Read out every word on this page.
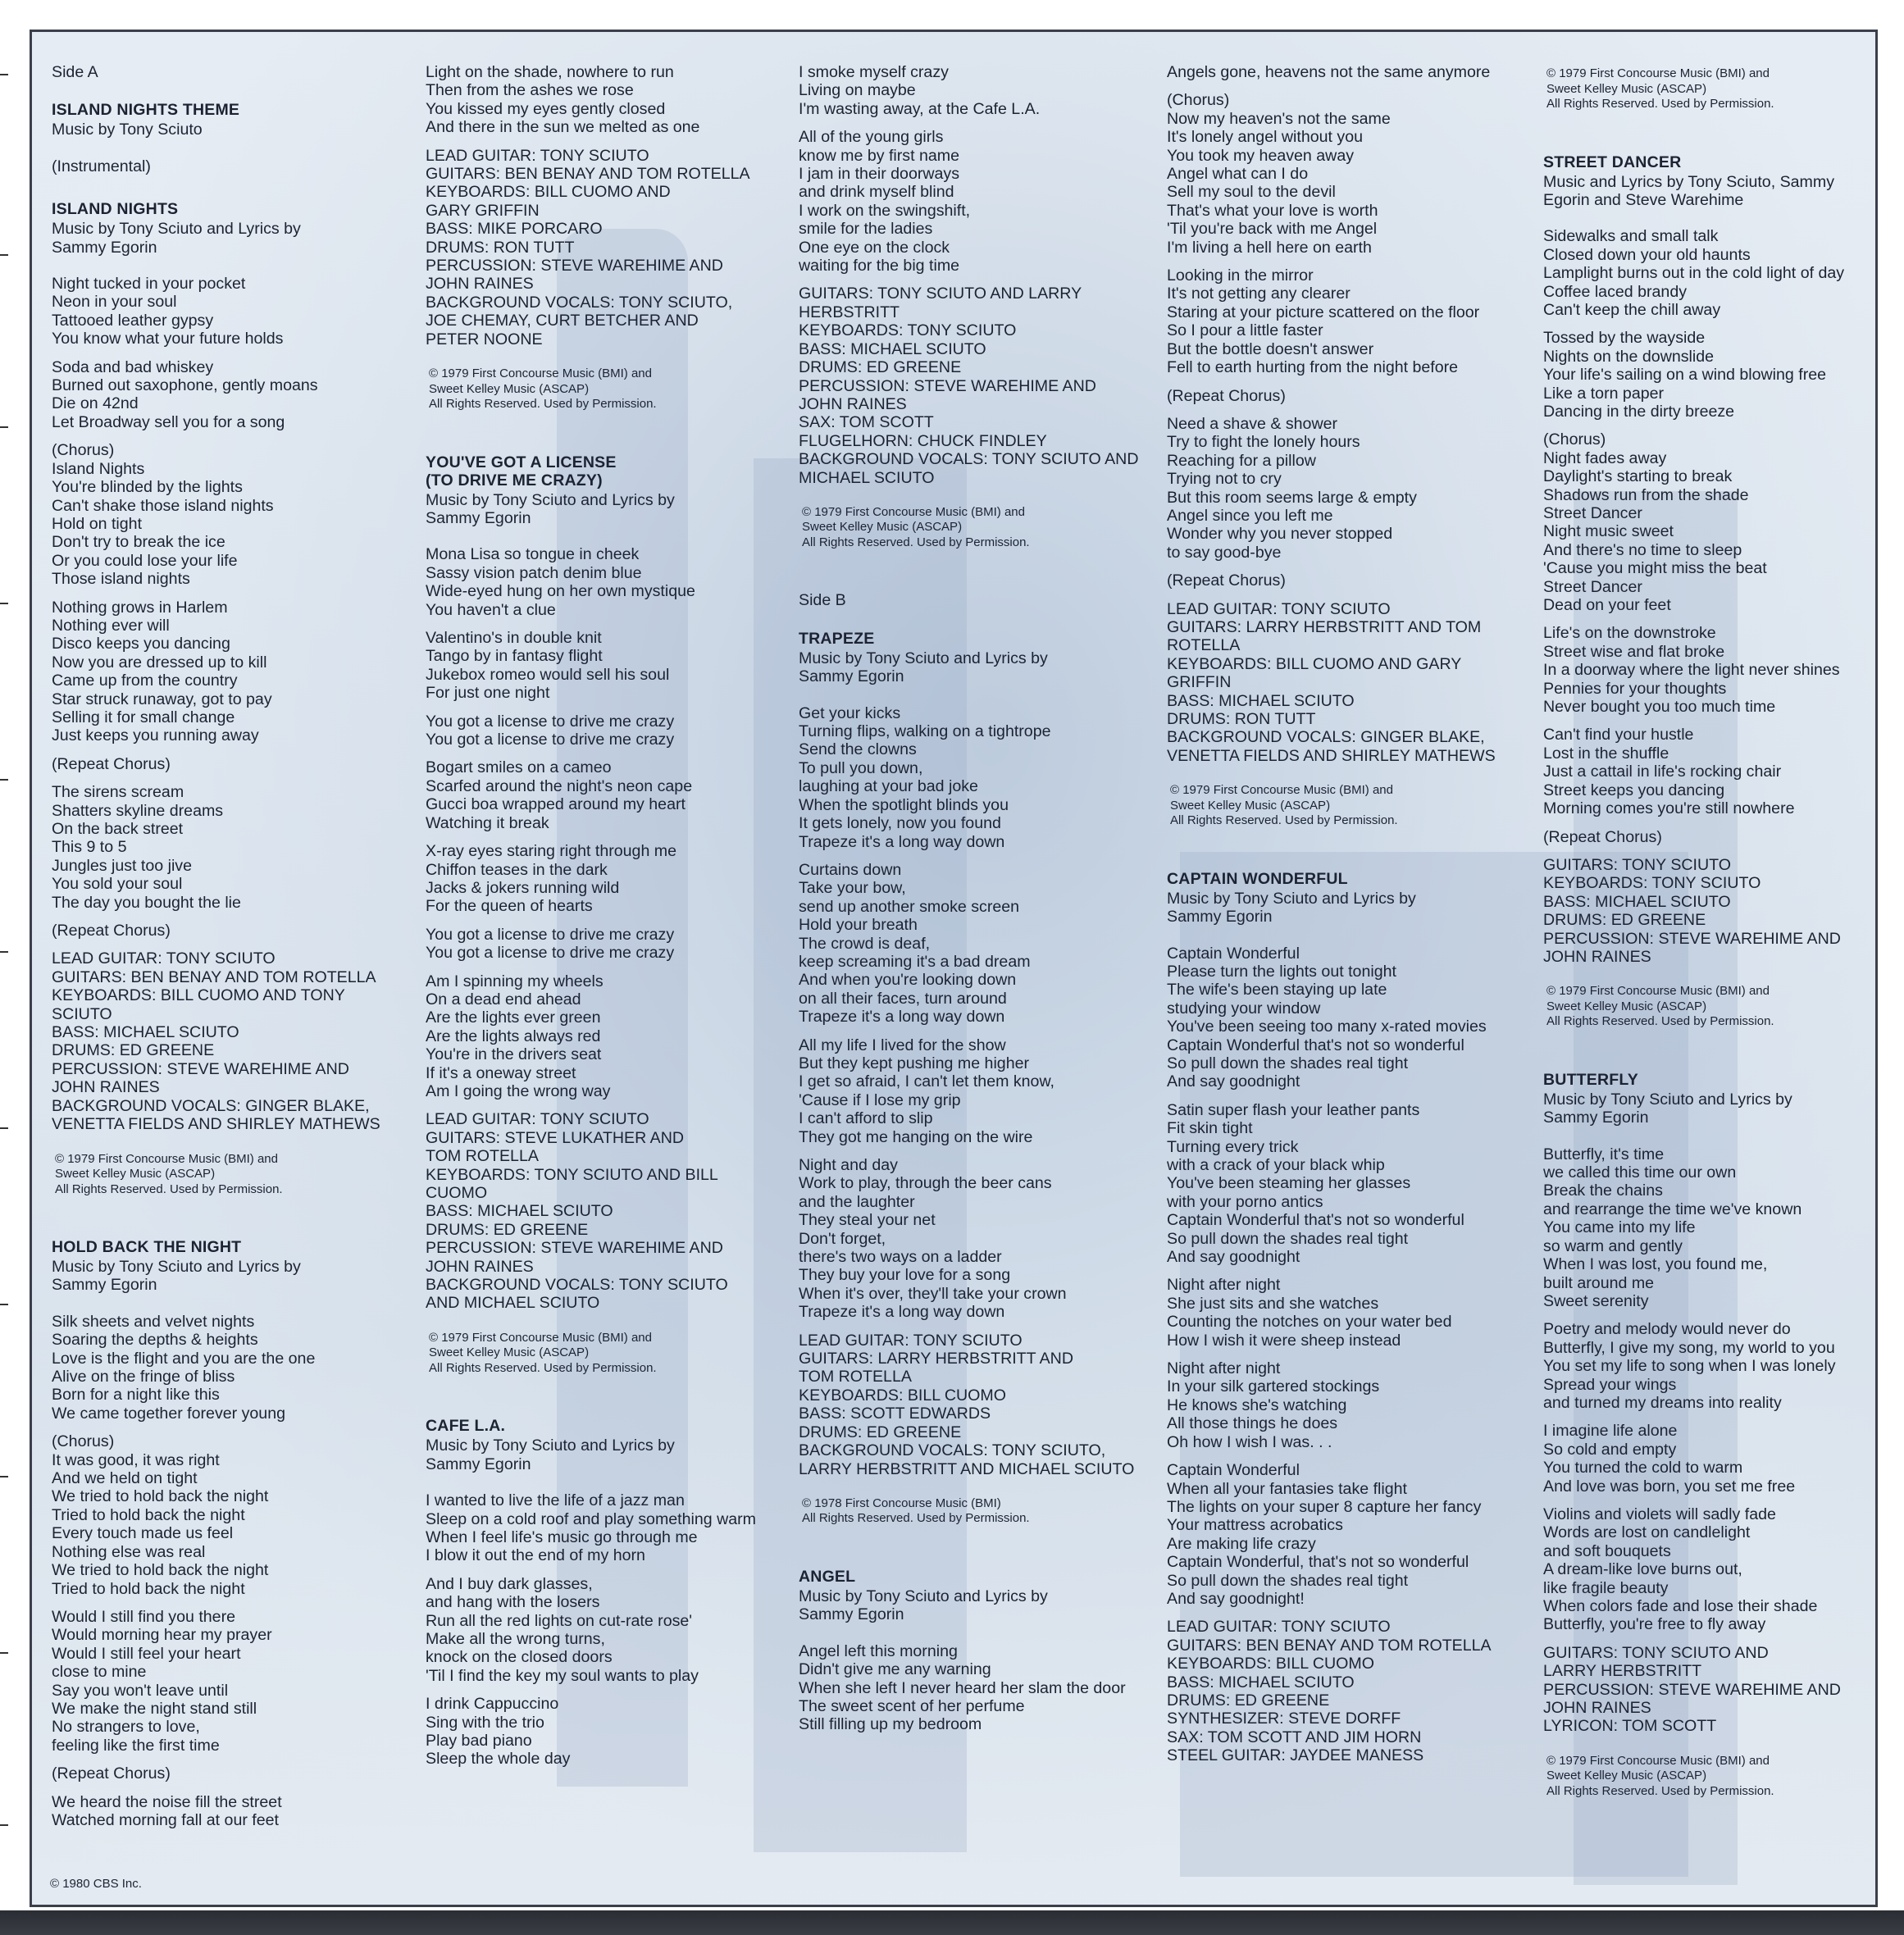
Side A

ISLAND NIGHTS THEME

Music by Tony Sciuto

(Instrumental)

ISLAND NIGHTS

Music by Tony Sciuto and Lyrics by
Sammy Egorin

Night tucked in your pocket
Neon in your soul
Tattooed leather gypsy
You know what your future holds

Soda and bad whiskey
Burned out saxophone, gently moans
Die on 42nd
Let Broadway sell you for a song

(Chorus)
Island Nights
You're blinded by the lights
Can't shake those island nights
Hold on tight
Don't try to break the ice
Or you could lose your life
Those island nights

Nothing grows in Harlem
Nothing ever will
Disco keeps you dancing
Now you are dressed up to kill
Came up from the country
Star struck runaway, got to pay
Selling it for small change
Just keeps you running away

(Repeat Chorus)

The sirens scream
Shatters skyline dreams
On the back street
This 9 to 5
Jungles just too jive
You sold your soul
The day you bought the lie

(Repeat Chorus)

LEAD GUITAR: TONY SCIUTO
GUITARS: BEN BENAY AND TOM ROTELLA
KEYBOARDS: BILL CUOMO AND TONY
SCIUTO
BASS: MICHAEL SCIUTO
DRUMS: ED GREENE
PERCUSSION: STEVE WAREHIME AND
JOHN RAINES
BACKGROUND VOCALS: GINGER BLAKE,
VENETTA FIELDS AND SHIRLEY MATHEWS

© 1979 First Concourse Music (BMI) and
Sweet Kelley Music (ASCAP)
All Rights Reserved. Used by Permission.

HOLD BACK THE NIGHT

Music by Tony Sciuto and Lyrics by
Sammy Egorin

Silk sheets and velvet nights
Soaring the depths & heights
Love is the flight and you are the one
Alive on the fringe of bliss
Born for a night like this
We came together forever young

(Chorus)
It was good, it was right
And we held on tight
We tried to hold back the night
Tried to hold back the night
Every touch made us feel
Nothing else was real
We tried to hold back the night
Tried to hold back the night

Would I still find you there
Would morning hear my prayer
Would I still feel your heart
close to mine
Say you won't leave until
We make the night stand still
No strangers to love,
feeling like the first time

(Repeat Chorus)

We heard the noise fill the street
Watched morning fall at our feet

Light on the shade, nowhere to run
Then from the ashes we rose
You kissed my eyes gently closed
And there in the sun we melted as one

LEAD GUITAR: TONY SCIUTO
GUITARS: BEN BENAY AND TOM ROTELLA
KEYBOARDS: BILL CUOMO AND
GARY GRIFFIN
BASS: MIKE PORCARO
DRUMS: RON TUTT
PERCUSSION: STEVE WAREHIME AND
JOHN RAINES
BACKGROUND VOCALS: TONY SCIUTO,
JOE CHEMAY, CURT BETCHER AND
PETER NOONE

© 1979 First Concourse Music (BMI) and
Sweet Kelley Music (ASCAP)
All Rights Reserved. Used by Permission.

YOU'VE GOT A LICENSE
(TO DRIVE ME CRAZY)

Music by Tony Sciuto and Lyrics by
Sammy Egorin

Mona Lisa so tongue in cheek
Sassy vision patch denim blue
Wide-eyed hung on her own mystique
You haven't a clue

Valentino's in double knit
Tango by in fantasy flight
Jukebox romeo would sell his soul
For just one night

You got a license to drive me crazy
You got a license to drive me crazy

Bogart smiles on a cameo
Scarfed around the night's neon cape
Gucci boa wrapped around my heart
Watching it break

X-ray eyes staring right through me
Chiffon teases in the dark
Jacks & jokers running wild
For the queen of hearts

You got a license to drive me crazy
You got a license to drive me crazy

Am I spinning my wheels
On a dead end ahead
Are the lights ever green
Are the lights always red
You're in the drivers seat
If it's a oneway street
Am I going the wrong way

LEAD GUITAR: TONY SCIUTO
GUITARS: STEVE LUKATHER AND
TOM ROTELLA
KEYBOARDS: TONY SCIUTO AND BILL
CUOMO
BASS: MICHAEL SCIUTO
DRUMS: ED GREENE
PERCUSSION: STEVE WAREHIME AND
JOHN RAINES
BACKGROUND VOCALS: TONY SCIUTO
AND MICHAEL SCIUTO

© 1979 First Concourse Music (BMI) and
Sweet Kelley Music (ASCAP)
All Rights Reserved. Used by Permission.

CAFE L.A.

Music by Tony Sciuto and Lyrics by
Sammy Egorin

I wanted to live the life of a jazz man
Sleep on a cold roof and play something warm
When I feel life's music go through me
I blow it out the end of my horn

And I buy dark glasses,
and hang with the losers
Run all the red lights on cut-rate rose'
Make all the wrong turns,
knock on the closed doors
'Til I find the key my soul wants to play

I drink Cappuccino
Sing with the trio
Play bad piano
Sleep the whole day

I smoke myself crazy
Living on maybe
I'm wasting away, at the Cafe L.A.

All of the young girls
know me by first name
I jam in their doorways
and drink myself blind
I work on the swingshift,
smile for the ladies
One eye on the clock
waiting for the big time

GUITARS: TONY SCIUTO AND LARRY
HERBSTRITT
KEYBOARDS: TONY SCIUTO
BASS: MICHAEL SCIUTO
DRUMS: ED GREENE
PERCUSSION: STEVE WAREHIME AND
JOHN RAINES
SAX: TOM SCOTT
FLUGELHORN: CHUCK FINDLEY
BACKGROUND VOCALS: TONY SCIUTO AND
MICHAEL SCIUTO

© 1979 First Concourse Music (BMI) and
Sweet Kelley Music (ASCAP)
All Rights Reserved. Used by Permission.

Side B

TRAPEZE

Music by Tony Sciuto and Lyrics by
Sammy Egorin

Get your kicks
Turning flips, walking on a tightrope
Send the clowns
To pull you down,
laughing at your bad joke
When the spotlight blinds you
It gets lonely, now you found
Trapeze it's a long way down

Curtains down
Take your bow,
send up another smoke screen
Hold your breath
The crowd is deaf,
keep screaming it's a bad dream
And when you're looking down
on all their faces, turn around
Trapeze it's a long way down

All my life I lived for the show
But they kept pushing me higher
I get so afraid, I can't let them know,
'Cause if I lose my grip
I can't afford to slip
They got me hanging on the wire

Night and day
Work to play, through the beer cans
and the laughter
They steal your net
Don't forget,
there's two ways on a ladder
They buy your love for a song
When it's over, they'll take your crown
Trapeze it's a long way down

LEAD GUITAR: TONY SCIUTO
GUITARS: LARRY HERBSTRITT AND
TOM ROTELLA
KEYBOARDS: BILL CUOMO
BASS: SCOTT EDWARDS
DRUMS: ED GREENE
BACKGROUND VOCALS: TONY SCIUTO,
LARRY HERBSTRITT AND MICHAEL SCIUTO

© 1978 First Concourse Music (BMI)
All Rights Reserved. Used by Permission.

ANGEL

Music by Tony Sciuto and Lyrics by
Sammy Egorin

Angel left this morning
Didn't give me any warning
When she left I never heard her slam the door
The sweet scent of her perfume
Still filling up my bedroom

Angels gone, heavens not the same anymore

(Chorus)
Now my heaven's not the same
It's lonely angel without you
You took my heaven away
Angel what can I do
Sell my soul to the devil
That's what your love is worth
'Til you're back with me Angel
I'm living a hell here on earth

Looking in the mirror
It's not getting any clearer
Staring at your picture scattered on the floor
So I pour a little faster
But the bottle doesn't answer
Fell to earth hurting from the night before

(Repeat Chorus)

Need a shave & shower
Try to fight the lonely hours
Reaching for a pillow
Trying not to cry
But this room seems large & empty
Angel since you left me
Wonder why you never stopped
to say good-bye

(Repeat Chorus)

LEAD GUITAR: TONY SCIUTO
GUITARS: LARRY HERBSTRITT AND TOM
ROTELLA
KEYBOARDS: BILL CUOMO AND GARY
GRIFFIN
BASS: MICHAEL SCIUTO
DRUMS: RON TUTT
BACKGROUND VOCALS: GINGER BLAKE,
VENETTA FIELDS AND SHIRLEY MATHEWS

© 1979 First Concourse Music (BMI) and
Sweet Kelley Music (ASCAP)
All Rights Reserved. Used by Permission.

CAPTAIN WONDERFUL

Music by Tony Sciuto and Lyrics by
Sammy Egorin

Captain Wonderful
Please turn the lights out tonight
The wife's been staying up late
studying your window
You've been seeing too many x-rated movies
Captain Wonderful that's not so wonderful
So pull down the shades real tight
And say goodnight

Satin super flash your leather pants
Fit skin tight
Turning every trick
with a crack of your black whip
You've been steaming her glasses
with your porno antics
Captain Wonderful that's not so wonderful
So pull down the shades real tight
And say goodnight

Night after night
She just sits and she watches
Counting the notches on your water bed
How I wish it were sheep instead

Night after night
In your silk gartered stockings
He knows she's watching
All those things he does
Oh how I wish I was. . .

Captain Wonderful
When all your fantasies take flight
The lights on your super 8 capture her fancy
Your mattress acrobatics
Are making life crazy
Captain Wonderful, that's not so wonderful
So pull down the shades real tight
And say goodnight!

LEAD GUITAR: TONY SCIUTO
GUITARS: BEN BENAY AND TOM ROTELLA
KEYBOARDS: BILL CUOMO
BASS: MICHAEL SCIUTO
DRUMS: ED GREENE
SYNTHESIZER: STEVE DORFF
SAX: TOM SCOTT AND JIM HORN
STEEL GUITAR: JAYDEE MANESS

© 1979 First Concourse Music (BMI) and
Sweet Kelley Music (ASCAP)
All Rights Reserved. Used by Permission.

STREET DANCER

Music and Lyrics by Tony Sciuto, Sammy
Egorin and Steve Warehime

Sidewalks and small talk
Closed down your old haunts
Lamplight burns out in the cold light of day
Coffee laced brandy
Can't keep the chill away

Tossed by the wayside
Nights on the downslide
Your life's sailing on a wind blowing free
Like a torn paper
Dancing in the dirty breeze

(Chorus)
Night fades away
Daylight's starting to break
Shadows run from the shade
Street Dancer
Night music sweet
And there's no time to sleep
'Cause you might miss the beat
Street Dancer
Dead on your feet

Life's on the downstroke
Street wise and flat broke
In a doorway where the light never shines
Pennies for your thoughts
Never bought you too much time

Can't find your hustle
Lost in the shuffle
Just a cattail in life's rocking chair
Street keeps you dancing
Morning comes you're still nowhere

(Repeat Chorus)

GUITARS: TONY SCIUTO
KEYBOARDS: TONY SCIUTO
BASS: MICHAEL SCIUTO
DRUMS: ED GREENE
PERCUSSION: STEVE WAREHIME AND
JOHN RAINES

© 1979 First Concourse Music (BMI) and
Sweet Kelley Music (ASCAP)
All Rights Reserved. Used by Permission.

BUTTERFLY

Music by Tony Sciuto and Lyrics by
Sammy Egorin

Butterfly, it's time
we called this time our own
Break the chains
and rearrange the time we've known
You came into my life
so warm and gently
When I was lost, you found me,
built around me
Sweet serenity

Poetry and melody would never do
Butterfly, I give my song, my world to you
You set my life to song when I was lonely
Spread your wings
and turned my dreams into reality

I imagine life alone
So cold and empty
You turned the cold to warm
And love was born, you set me free

Violins and violets will sadly fade
Words are lost on candlelight
and soft bouquets
A dream-like love burns out,
like fragile beauty
When colors fade and lose their shade
Butterfly, you're free to fly away

GUITARS: TONY SCIUTO AND
LARRY HERBSTRITT
PERCUSSION: STEVE WAREHIME AND
JOHN RAINES
LYRICON: TOM SCOTT

© 1979 First Concourse Music (BMI) and
Sweet Kelley Music (ASCAP)
All Rights Reserved. Used by Permission.

© 1980 CBS Inc.
